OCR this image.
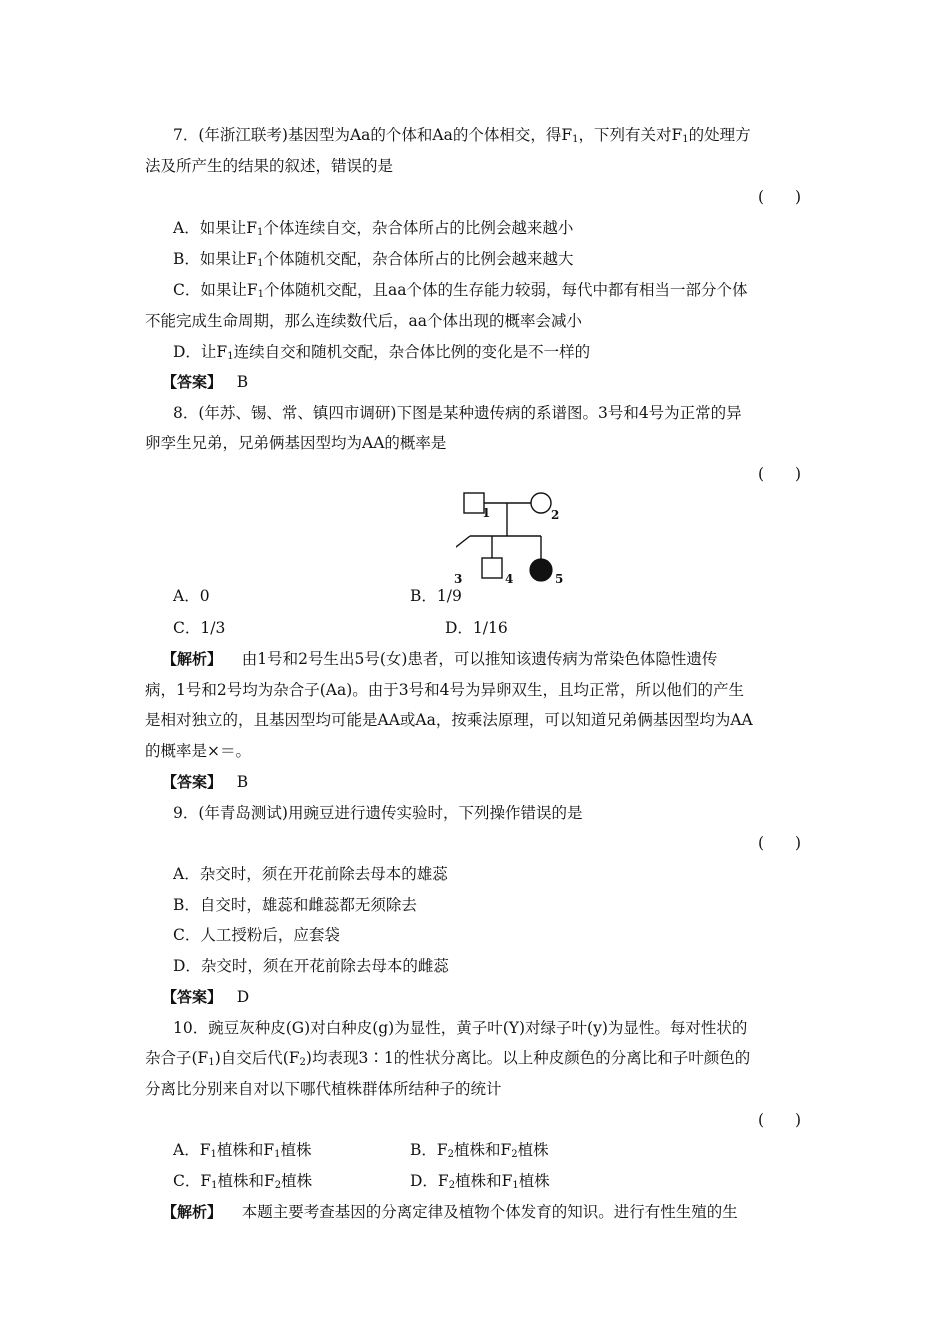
7．(年浙江联考)基因型为Aa的个体和Aa的个体相交，得$F_1$，下列有关对$F_1$的处理方
法及所产生的结果的叙述，错误的是
(　　)
A．如果让$F_1$个体连续自交，杂合体所占的比例会越来越小
B．如果让$F_1$个体随机交配，杂合体所占的比例会越来越大
C．如果让$F_1$个体随机交配，且aa个体的生存能力较弱，每代中都有相当一部分个体
不能完成生命周期，那么连续数代后，aa个体出现的概率会减小
D．让$F_1$连续自交和随机交配，杂合体比例的变化是不一样的
【答案】 B
8．(年苏、锡、常、镇四市调研)下图是某种遗传病的系谱图。3号和4号为正常的异
卵孪生兄弟，兄弟俩基因型均为AA的概率是
(　　)
1	2
3	4	5
A．0	B．1/9
C．1/3	D．1/16
【解析】 由1号和2号生出5号(女)患者，可以推知该遗传病为常染色体隐性遗传
病，1号和2号均为杂合子(Aa)。由于3号和4号为异卵双生，且均正常，所以他们的产生
是相对独立的，且基因型均可能是AA或Aa，按乘法原理，可以知道兄弟俩基因型均为AA
的概率是×＝。
【答案】 B
9．(年青岛测试)用豌豆进行遗传实验时，下列操作错误的是
(　　)
A．杂交时，须在开花前除去母本的雄蕊
B．自交时，雄蕊和雌蕊都无须除去
C．人工授粉后，应套袋
D．杂交时，须在开花前除去母本的雌蕊
【答案】 D
10．豌豆灰种皮(G)对白种皮(g)为显性，黄子叶(Y)对绿子叶(y)为显性。每对性状的
杂合子$(F_1)$自交后代$(F_2)$均表现3∶1的性状分离比。以上种皮颜色的分离比和子叶颜色的
分离比分别来自对以下哪代植株群体所结种子的统计
(　　)
A．$F_1$植株和$F_1$植株	B．$F_2$植株和$F_2$植株
C．$F_1$植株和$F_2$植株	D．$F_2$植株和$F_1$植株
【解析】 本题主要考查基因的分离定律及植物个体发育的知识。进行有性生殖的生
